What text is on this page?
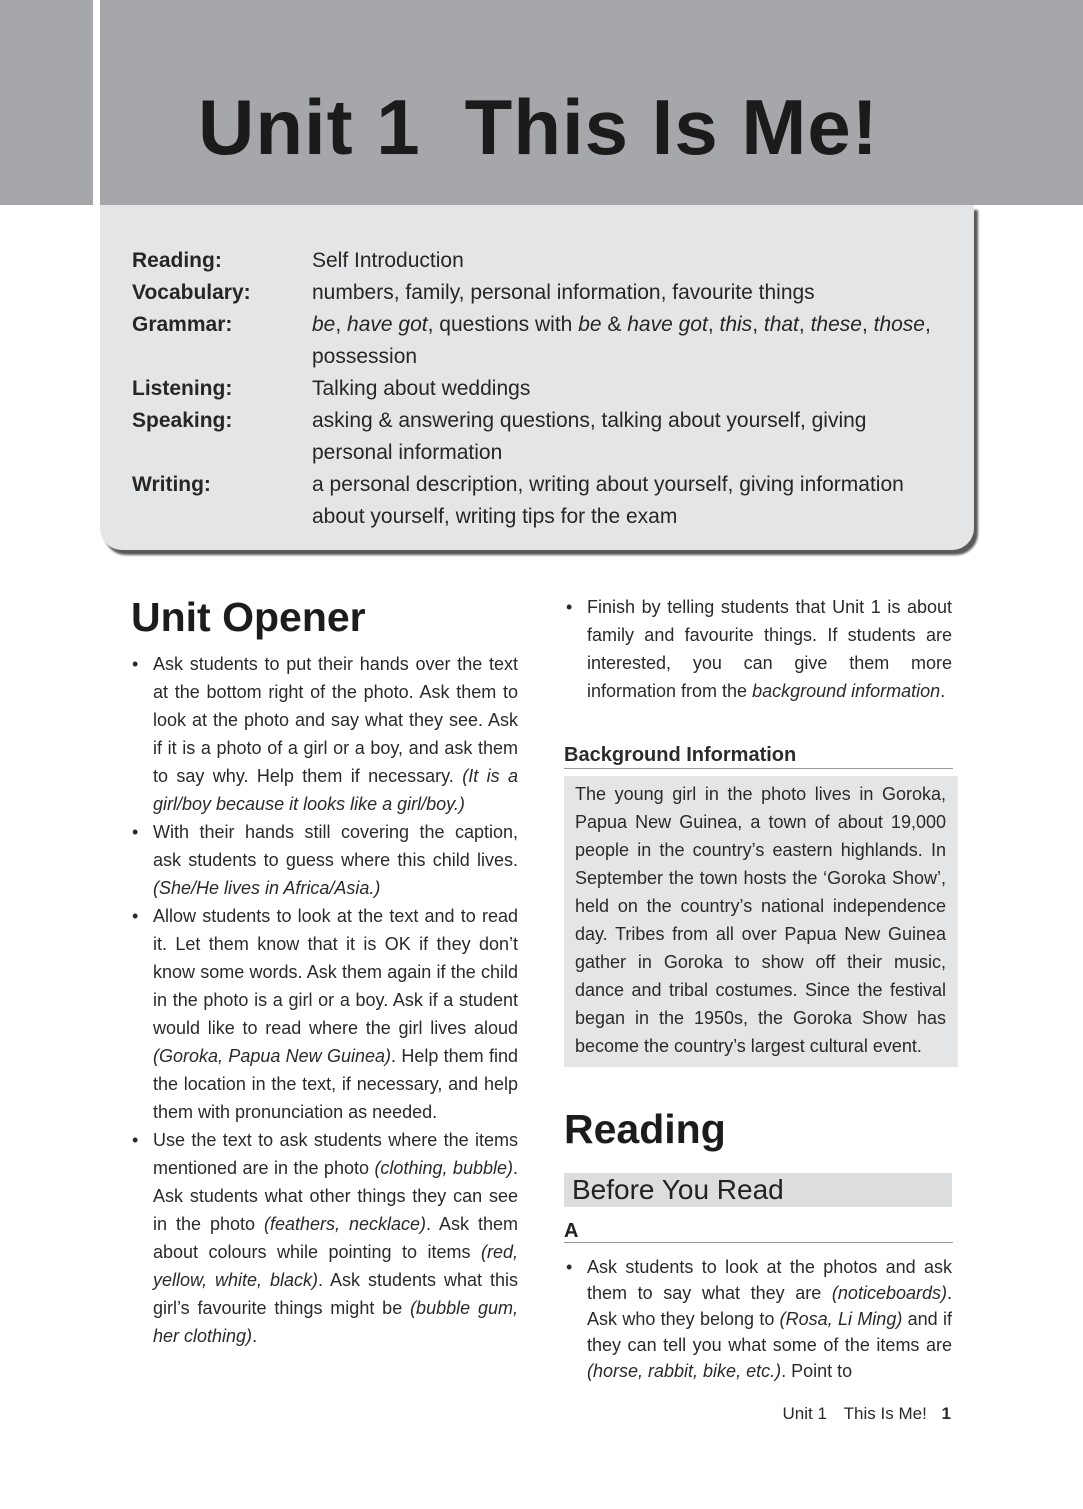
Unit 1 This Is Me!
Reading:	Self Introduction
Vocabulary:	numbers, family, personal information, favourite things
Grammar:	be, have got, questions with be & have got, this, that, these, those,
possession
Listening:	Talking about weddings
Speaking:	asking & answering questions, talking about yourself, giving
personal information
Writing:	a personal description, writing about yourself, giving information
about yourself, writing tips for the exam
Unit Opener
• Ask students to put their hands over the text at the bottom right of the photo. Ask them to look at the photo and say what they see. Ask if it is a photo of a girl or a boy, and ask them to say why. Help them if necessary. (It is a girl/boy because it looks like a girl/boy.)
• With their hands still covering the caption, ask students to guess where this child lives. (She/He lives in Africa/Asia.)
• Allow students to look at the text and to read it. Let them know that it is OK if they don’t know some words. Ask them again if the child in the photo is a girl or a boy. Ask if a student would like to read where the girl lives aloud (Goroka, Papua New Guinea). Help them find the location in the text, if necessary, and help them with pronunciation as needed.
• Use the text to ask students where the items mentioned are in the photo (clothing, bubble). Ask students what other things they can see in the photo (feathers, necklace). Ask them about colours while pointing to items (red, yellow, white, black). Ask students what this girl’s favourite things might be (bubble gum, her clothing).
• Finish by telling students that Unit 1 is about family and favourite things. If students are interested, you can give them more information from the background information.
Background Information
The young girl in the photo lives in Goroka, Papua New Guinea, a town of about 19,000 people in the country’s eastern highlands. In September the town hosts the ‘Goroka Show’, held on the country’s national independence day. Tribes from all over Papua New Guinea gather in Goroka to show off their music, dance and tribal costumes. Since the festival began in the 1950s, the Goroka Show has become the country’s largest cultural event.
Reading
Before You Read
A
• Ask students to look at the photos and ask them to say what they are (noticeboards). Ask who they belong to (Rosa, Li Ming) and if they can tell you what some of the items are (horse, rabbit, bike, etc.). Point to
Unit 1 This Is Me! 1
